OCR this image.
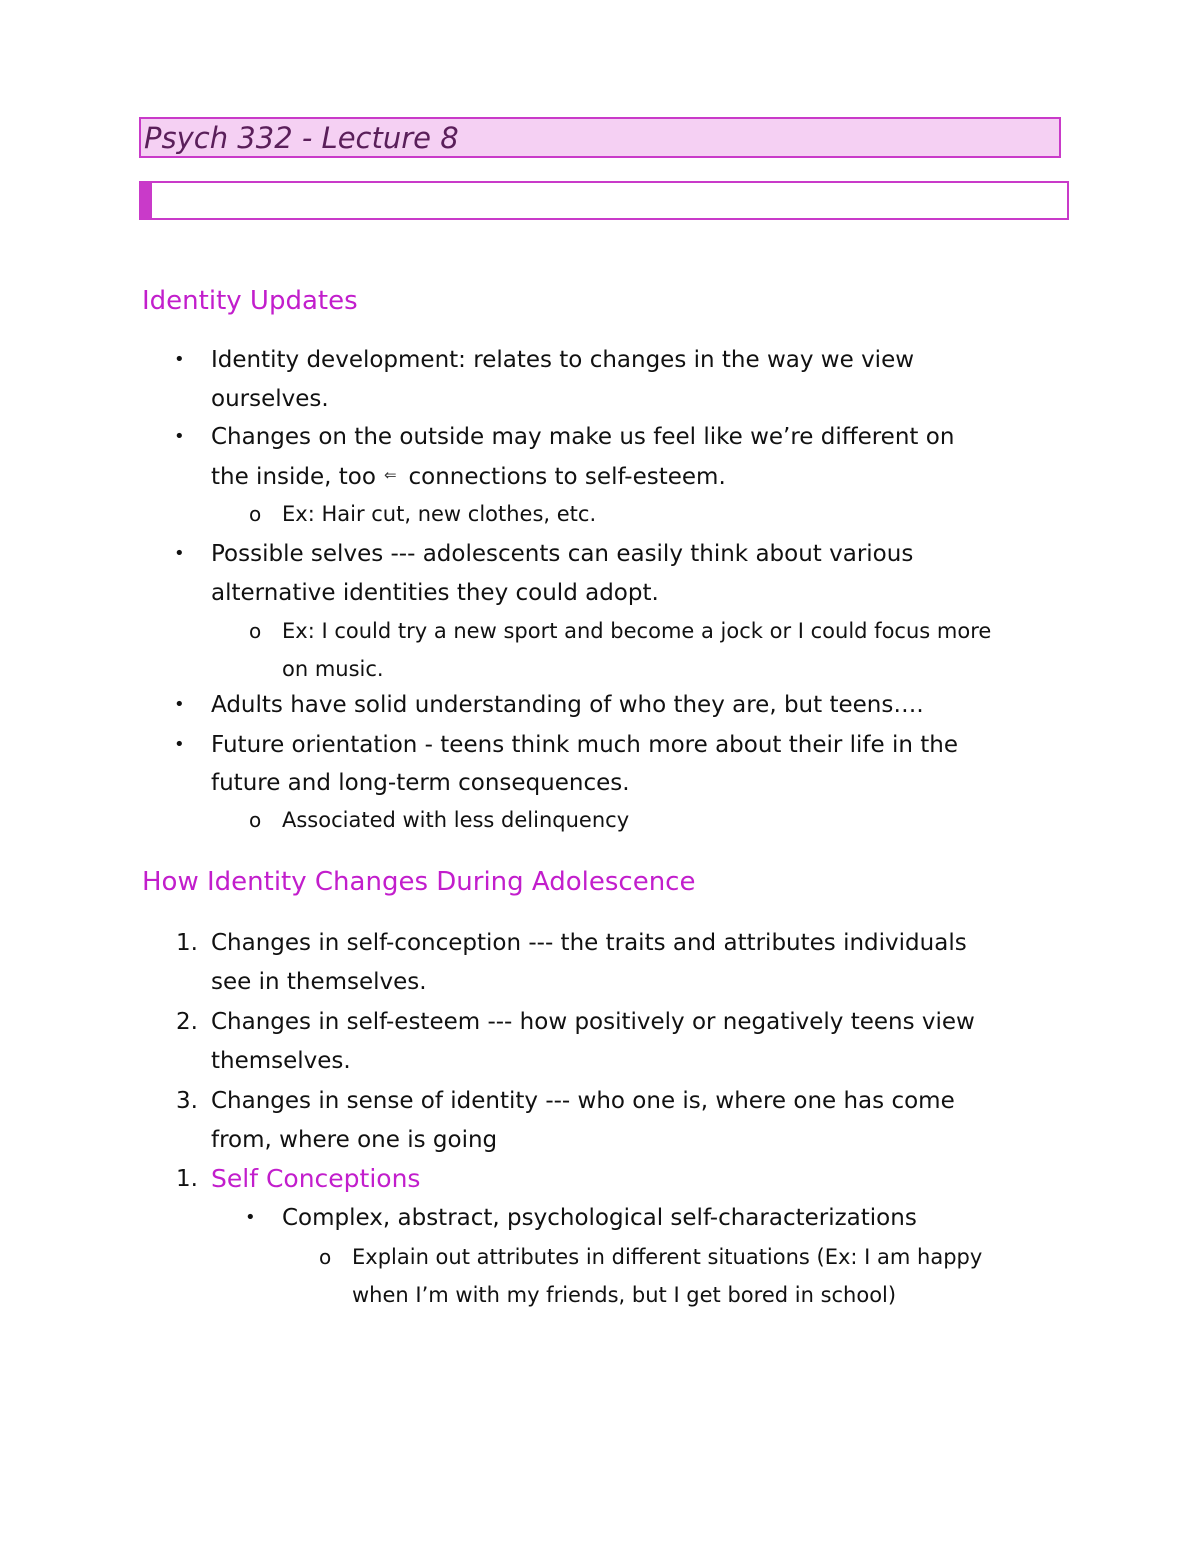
Psych 332 - Lecture 8
Identity Updates
• Identity development: relates to changes in the way we view
ourselves.
• Changes on the outside may make us feel like we’re different on
the inside, too ⇐ connections to self-esteem.
o Ex: Hair cut, new clothes, etc.
• Possible selves --- adolescents can easily think about various
alternative identities they could adopt.
o Ex: I could try a new sport and become a jock or I could focus more
on music.
• Adults have solid understanding of who they are, but teens….
• Future orientation - teens think much more about their life in the
future and long-term consequences.
o Associated with less delinquency
How Identity Changes During Adolescence
1. Changes in self-conception --- the traits and attributes individuals
see in themselves.
2. Changes in self-esteem --- how positively or negatively teens view
themselves.
3. Changes in sense of identity --- who one is, where one has come
from, where one is going
1. Self Conceptions
• Complex, abstract, psychological self-characterizations
o Explain out attributes in different situations (Ex: I am happy
when I’m with my friends, but I get bored in school)
